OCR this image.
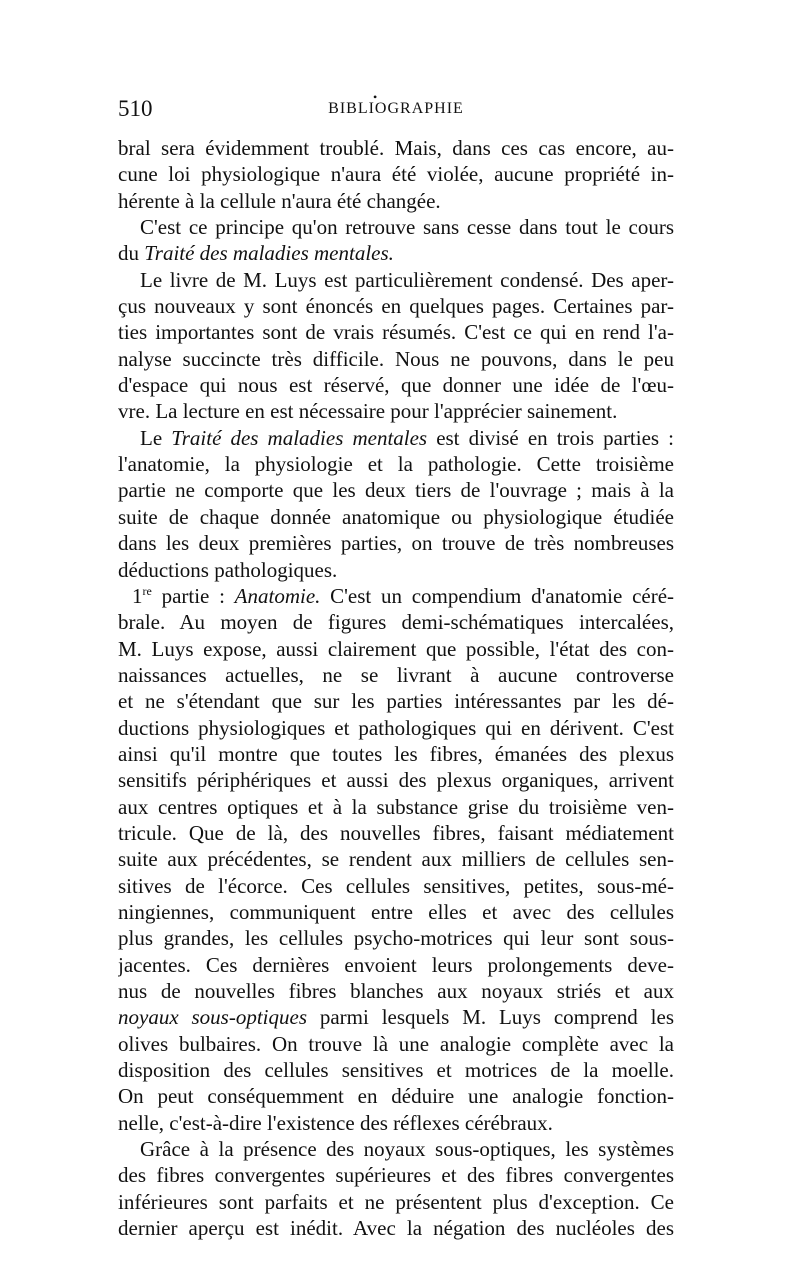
510	•
BIBLIOGRAPHIE
bral sera évidemment troublé. Mais, dans ces cas encore, au-
cune loi physiologique n'aura été violée, aucune propriété in-
hérente à la cellule n'aura été changée.
C'est ce principe qu'on retrouve sans cesse dans tout le cours
du Traité des maladies mentales.
Le livre de M. Luys est particulièrement condensé. Des aper-
çus nouveaux y sont énoncés en quelques pages. Certaines par-
ties importantes sont de vrais résumés. C'est ce qui en rend l'a-
nalyse succincte très difficile. Nous ne pouvons, dans le peu
d'espace qui nous est réservé, que donner une idée de l'œu-
vre. La lecture en est nécessaire pour l'apprécier sainement.
Le Traité des maladies mentales est divisé en trois parties :
l'anatomie, la physiologie et la pathologie. Cette troisième
partie ne comporte que les deux tiers de l'ouvrage ; mais à la
suite de chaque donnée anatomique ou physiologique étudiée
dans les deux premières parties, on trouve de très nombreuses
déductions pathologiques.
1re partie : Anatomie. C'est un compendium d'anatomie céré-
brale. Au moyen de figures demi-schématiques intercalées,
M. Luys expose, aussi clairement que possible, l'état des con-
naissances actuelles, ne se livrant à aucune controverse
et ne s'étendant que sur les parties intéressantes par les dé-
ductions physiologiques et pathologiques qui en dérivent. C'est
ainsi qu'il montre que toutes les fibres, émanées des plexus
sensitifs périphériques et aussi des plexus organiques, arrivent
aux centres optiques et à la substance grise du troisième ven-
tricule. Que de là, des nouvelles fibres, faisant médiatement
suite aux précédentes, se rendent aux milliers de cellules sen-
sitives de l'écorce. Ces cellules sensitives, petites, sous-mé-
ningiennes, communiquent entre elles et avec des cellules
plus grandes, les cellules psycho-motrices qui leur sont sous-
jacentes. Ces dernières envoient leurs prolongements deve-
nus de nouvelles fibres blanches aux noyaux striés et aux
noyaux sous-optiques parmi lesquels M. Luys comprend les
olives bulbaires. On trouve là une analogie complète avec la
disposition des cellules sensitives et motrices de la moelle.
On peut conséquemment en déduire une analogie fonction-
nelle, c'est-à-dire l'existence des réflexes cérébraux.
Grâce à la présence des noyaux sous-optiques, les systèmes
des fibres convergentes supérieures et des fibres convergentes
inférieures sont parfaits et ne présentent plus d'exception. Ce
dernier aperçu est inédit. Avec la négation des nucléoles des
